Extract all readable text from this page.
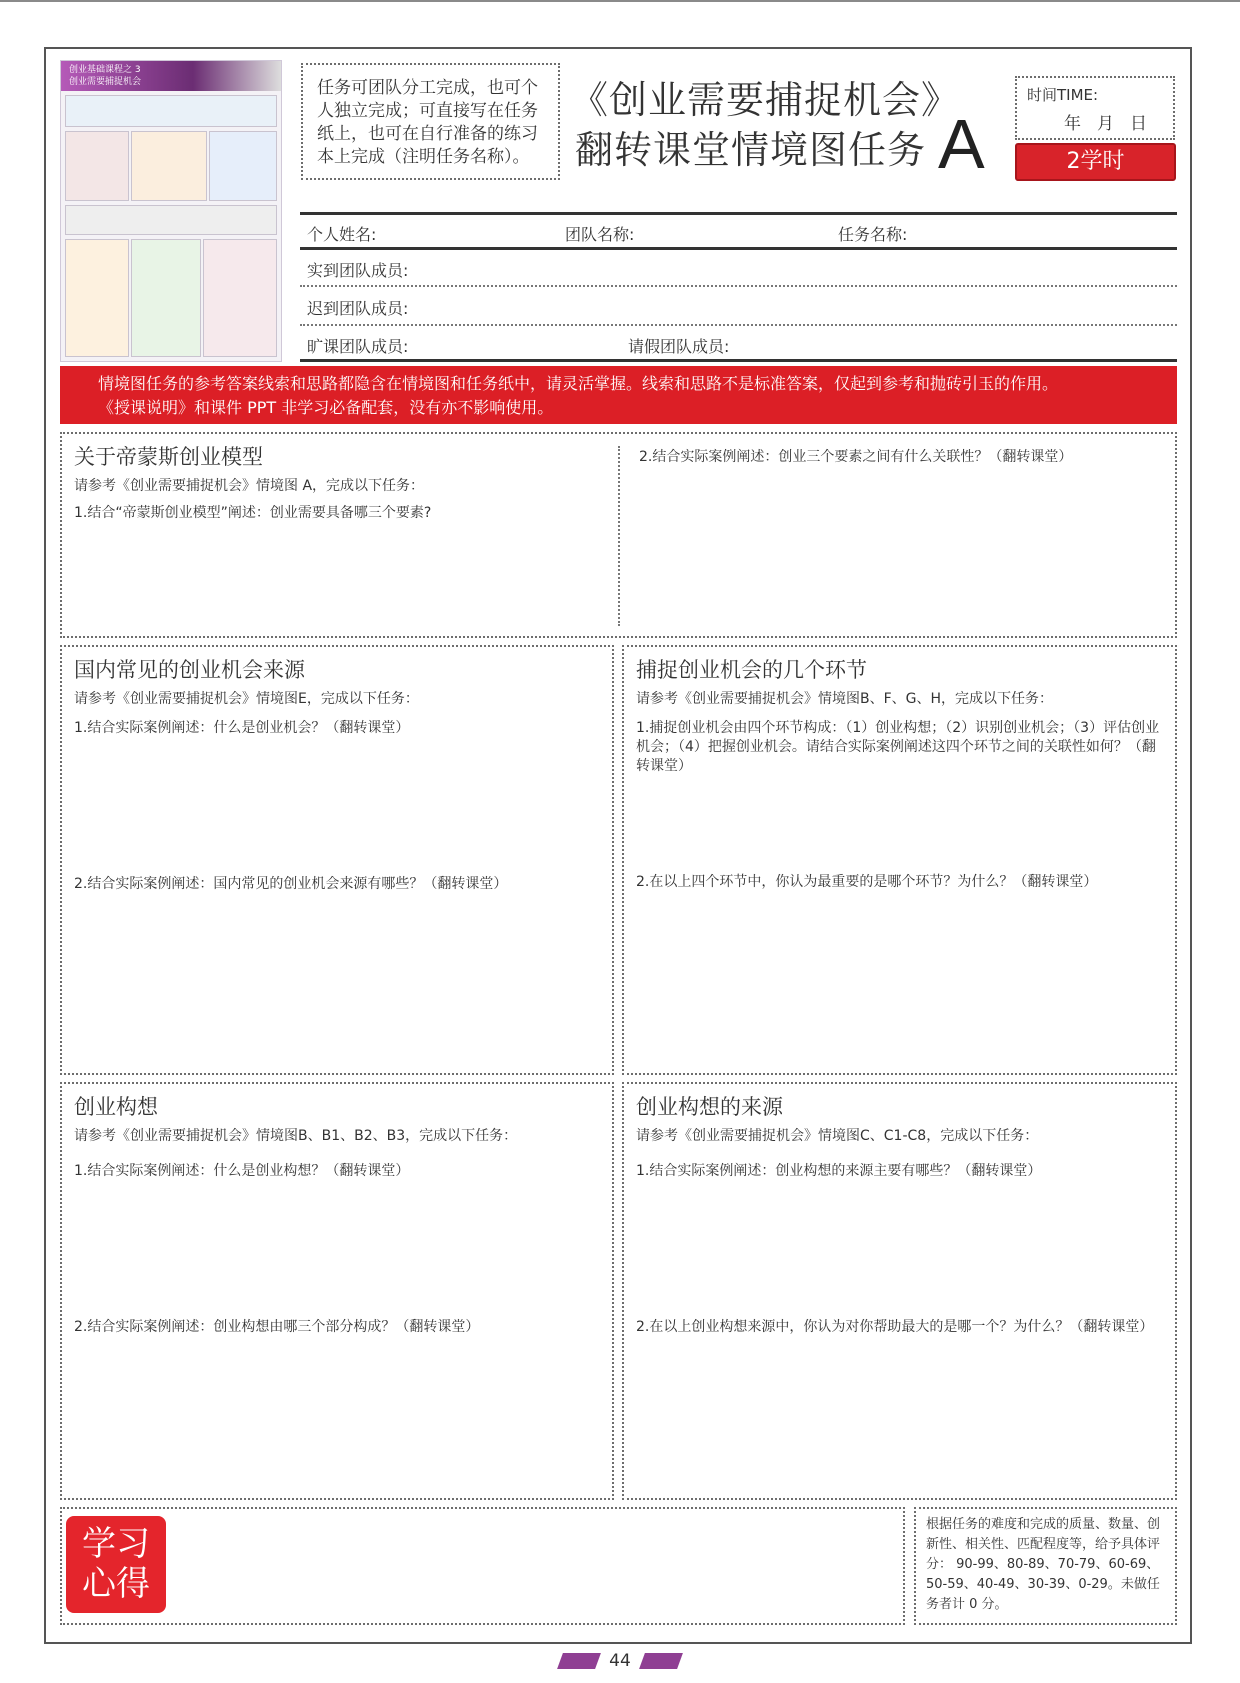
创业基础课程之 3

创业需要捕捉机会	任务可团队分工完成，也可个人独立完成；可直接写在任务纸上，也可在自行准备的练习本上完成（注明任务名称）。
《创业需要捕捉机会》
翻转课堂情境图任务 A
时间TIME:
年月日
2学时
个人姓名:	团队名称:	任务名称:
实到团队成员:
迟到团队成员:
旷课团队成员:	请假团队成员:
情境图任务的参考答案线索和思路都隐含在情境图和任务纸中，请灵活掌握。线索和思路不是标准答案，仅起到参考和抛砖引玉的作用。
《授课说明》和课件 PPT 非学习必备配套，没有亦不影响使用。
关于帝蒙斯创业模型
请参考《创业需要捕捉机会》情境图 A，完成以下任务：
1.结合“帝蒙斯创业模型”阐述：创业需要具备哪三个要素?
2.结合实际案例阐述：创业三个要素之间有什么关联性？（翻转课堂）
国内常见的创业机会来源
请参考《创业需要捕捉机会》情境图E，完成以下任务：
1.结合实际案例阐述：什么是创业机会？（翻转课堂）
2.结合实际案例阐述：国内常见的创业机会来源有哪些？（翻转课堂）
捕捉创业机会的几个环节
请参考《创业需要捕捉机会》情境图B、F、G、H，完成以下任务：
1.捕捉创业机会由四个环节构成：（1）创业构想；（2）识别创业机会；（3）评估创业机会；（4）把握创业机会。请结合实际案例阐述这四个环节之间的关联性如何？（翻转课堂）
2.在以上四个环节中，你认为最重要的是哪个环节？为什么？（翻转课堂）
创业构想
请参考《创业需要捕捉机会》情境图B、B1、B2、B3，完成以下任务：
1.结合实际案例阐述：什么是创业构想？（翻转课堂）
2.结合实际案例阐述：创业构想由哪三个部分构成？（翻转课堂）
创业构想的来源
请参考《创业需要捕捉机会》情境图C、C1-C8，完成以下任务：
1.结合实际案例阐述：创业构想的来源主要有哪些？（翻转课堂）
2.在以上创业构想来源中，你认为对你帮助最大的是哪一个？为什么？（翻转课堂）
学习
心得
根据任务的难度和完成的质量、数量、创新性、相关性、匹配程度等，给予具体评分： 90-99、80-89、70-79、60-69、50-59、40-49、30-39、0-29。未做任务者计 0 分。
44
